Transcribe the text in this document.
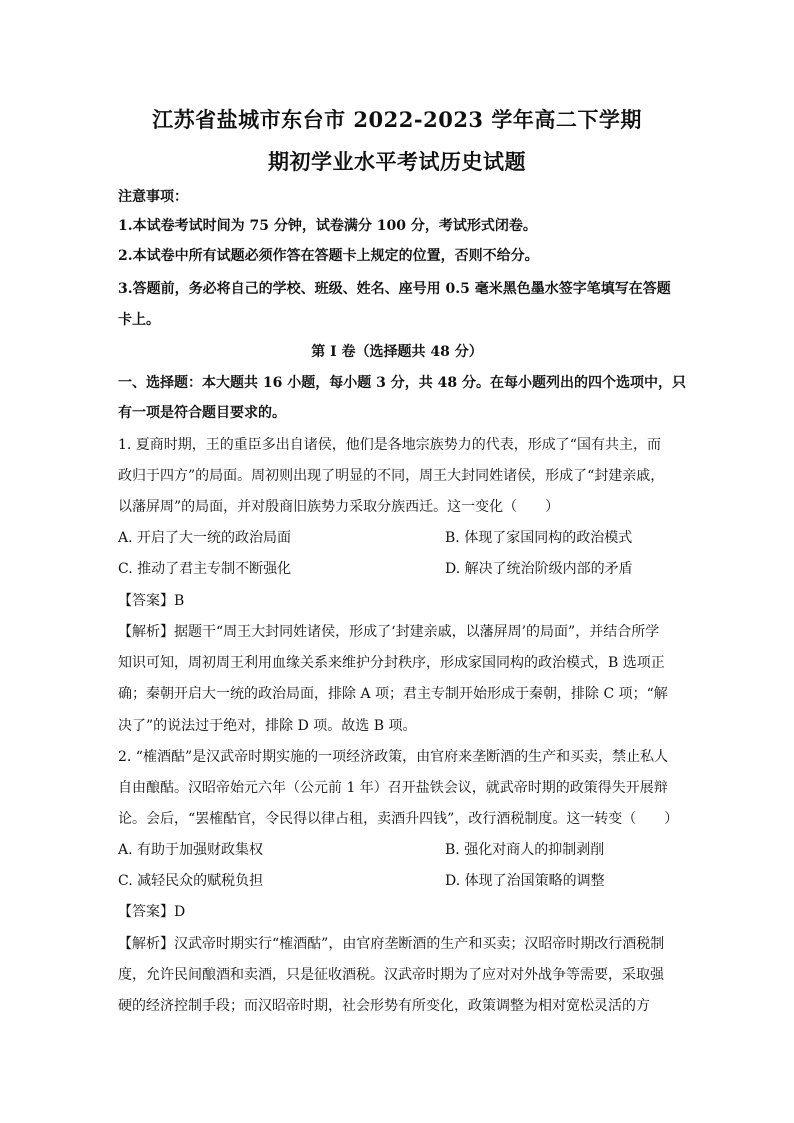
江苏省盐城市东台市 2022-2023 学年高二下学期
期初学业水平考试历史试题
注意事项：
1.本试卷考试时间为 75 分钟，试卷满分 100 分，考试形式闭卷。
2.本试卷中所有试题必须作答在答题卡上规定的位置，否则不给分。
3.答题前，务必将自己的学校、班级、姓名、座号用 0.5 毫米黑色墨水签字笔填写在答题
卡上。
第 I 卷（选择题共 48 分）
一、选择题：本大题共 16 小题，每小题 3 分，共 48 分。在每小题列出的四个选项中，只
有一项是符合题目要求的。
1. 夏商时期，王的重臣多出自诸侯，他们是各地宗族势力的代表，形成了“国有共主，而
政归于四方”的局面。周初则出现了明显的不同，周王大封同姓诸侯，形成了“封建亲戚，
以藩屏周”的局面，并对殷商旧族势力采取分族西迁。这一变化（　　）
A. 开启了大一统的政治局面	B. 体现了家国同构的政治模式
C. 推动了君主专制不断强化	D. 解决了统治阶级内部的矛盾
【答案】B
【解析】据题干“周王大封同姓诸侯，形成了‘封建亲戚，以藩屏周’的局面”，并结合所学
知识可知，周初周王利用血缘关系来维护分封秩序，形成家国同构的政治模式，B 选项正
确；秦朝开启大一统的政治局面，排除 A 项；君主专制开始形成于秦朝，排除 C 项；“解
决了”的说法过于绝对，排除 D 项。故选 B 项。
2. “榷酒酤”是汉武帝时期实施的一项经济政策，由官府来垄断酒的生产和买卖，禁止私人
自由酿酤。汉昭帝始元六年（公元前 1 年）召开盐铁会议，就武帝时期的政策得失开展辩
论。会后，“罢榷酤官，令民得以律占租，卖酒升四钱”，改行酒税制度。这一转变（　　）
A. 有助于加强财政集权	B. 强化对商人的抑制剥削
C. 减轻民众的赋税负担	D. 体现了治国策略的调整
【答案】D
【解析】汉武帝时期实行“榷酒酤”，由官府垄断酒的生产和买卖；汉昭帝时期改行酒税制
度，允许民间酿酒和卖酒，只是征收酒税。汉武帝时期为了应对对外战争等需要，采取强
硬的经济控制手段；而汉昭帝时期，社会形势有所变化，政策调整为相对宽松灵活的方
